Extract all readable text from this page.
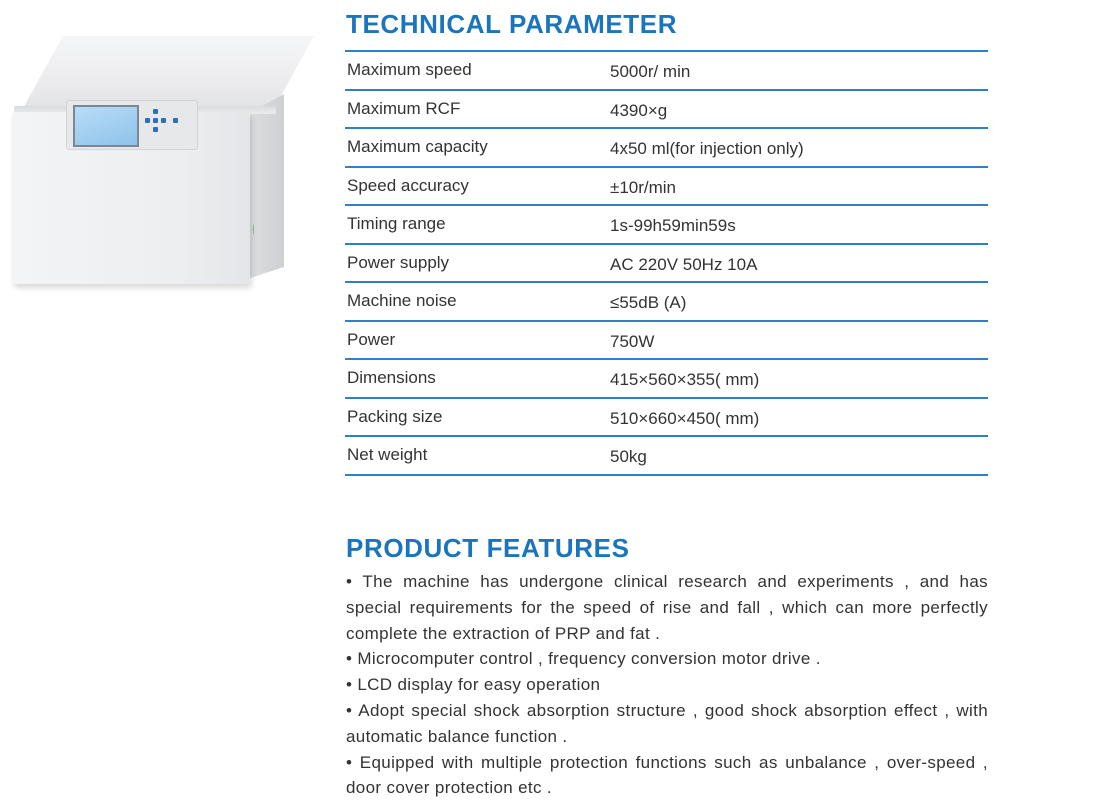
⸡
TECHNICAL PARAMETER
Maximum speed	5000r/ min
Maximum RCF	4390×g
Maximum capacity	4x50 ml(for injection only)
Speed accuracy	±10r/min
Timing range	1s-99h59min59s
Power supply	AC 220V 50Hz 10A
Machine noise	≤55dB (A)
Power	750W
Dimensions	415×560×355( mm)
Packing size	510×660×450( mm)
Net weight	50kg
PRODUCT FEATURES

• The machine has undergone clinical research and experiments , and has special requirements for the speed of rise and fall , which can more perfectly complete the extraction of PRP and fat .

• Microcomputer control , frequency conversion motor drive .

• LCD display for easy operation

• Adopt special shock absorption structure , good shock absorption effect , with automatic balance function .

• Equipped with multiple protection functions such as unbalance , over-speed , door cover protection etc .
